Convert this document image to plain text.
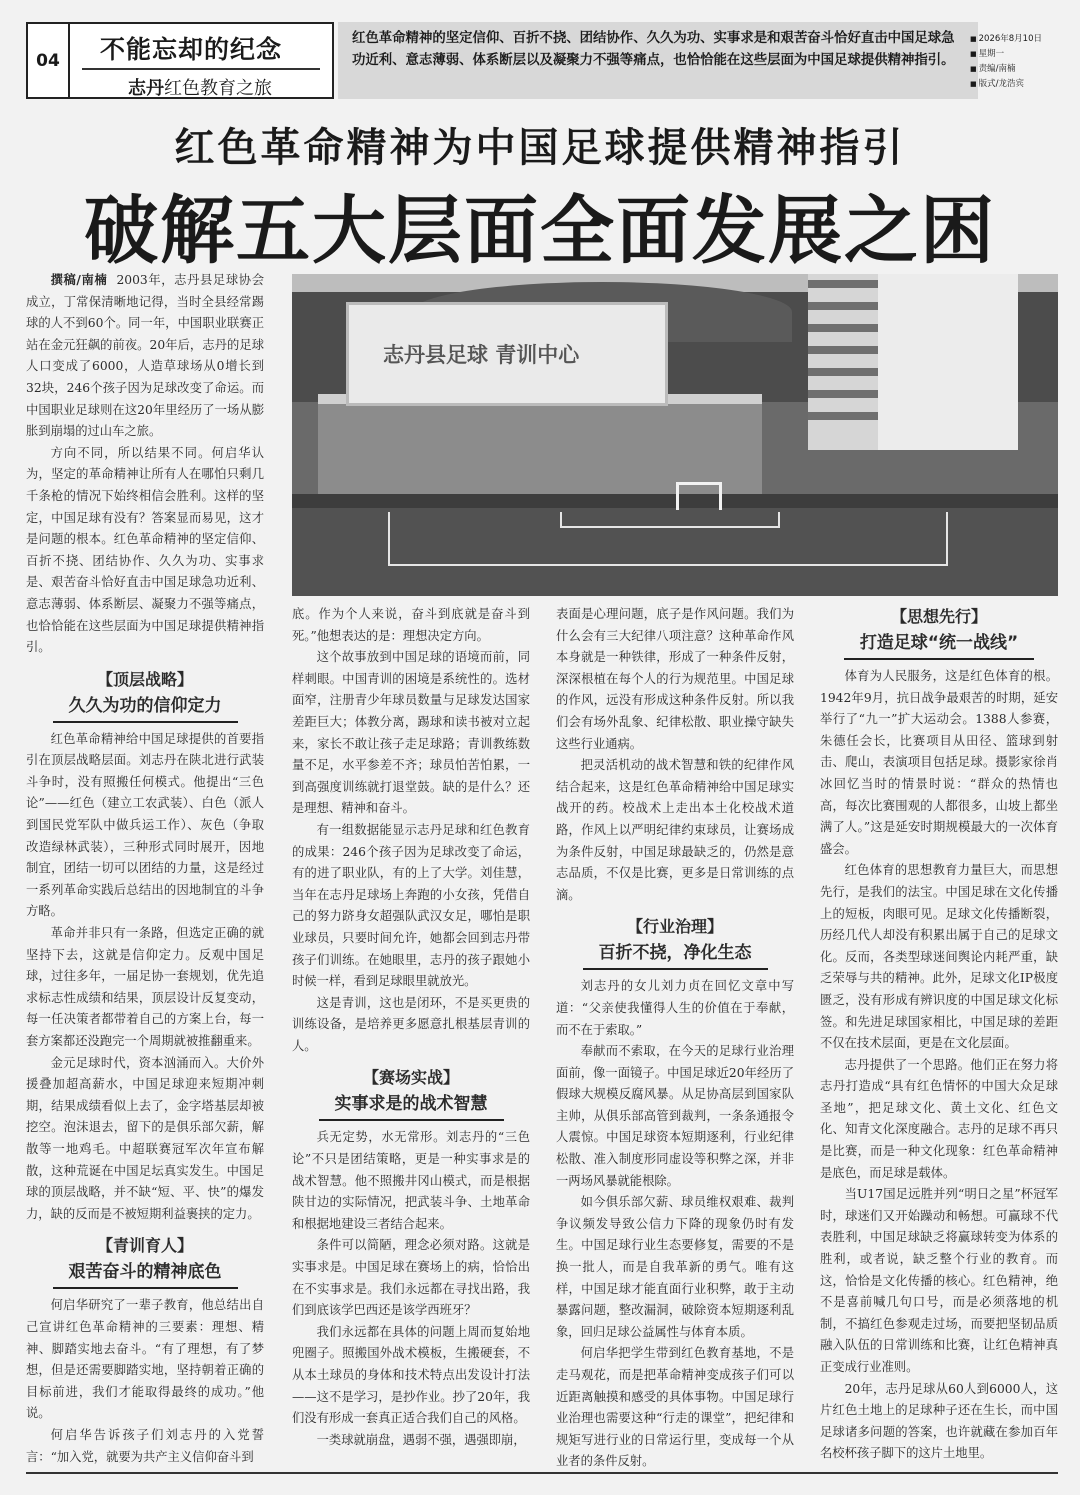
04	不能忘却的纪念
志丹红色教育之旅
红色革命精神的坚定信仰、百折不挠、团结协作、久久为功、实事求是和艰苦奋斗恰好直击中国足球急功近利、意志薄弱、体系断层以及凝聚力不强等痛点，也恰恰能在这些层面为中国足球提供精神指引。
■ 2026年8月10日
■ 星期一
■ 责编/南楠
■ 版式/龙浩宾
红色革命精神为中国足球提供精神指引
破解五大层面全面发展之困
志丹县足球 青训中心

撰稿/南楠 2003年，志丹县足球协会成立，丁常保清晰地记得，当时全县经常踢球的人不到60个。同一年，中国职业联赛正站在金元狂飙的前夜。20年后，志丹的足球人口变成了6000，人造草球场从0增长到32块，246个孩子因为足球改变了命运。而中国职业足球则在这20年里经历了一场从膨胀到崩塌的过山车之旅。

方向不同，所以结果不同。何启华认为，坚定的革命精神让所有人在哪怕只剩几千条枪的情况下始终相信会胜利。这样的坚定，中国足球有没有？答案显而易见，这才是问题的根本。红色革命精神的坚定信仰、百折不挠、团结协作、久久为功、实事求是、艰苦奋斗恰好直击中国足球急功近利、意志薄弱、体系断层、凝聚力不强等痛点，也恰恰能在这些层面为中国足球提供精神指引。

【顶层战略】
久久为功的信仰定力

红色革命精神给中国足球提供的首要指引在顶层战略层面。刘志丹在陕北进行武装斗争时，没有照搬任何模式。他提出“三色论”——红色（建立工农武装）、白色（派人到国民党军队中做兵运工作）、灰色（争取改造绿林武装），三种形式同时展开，因地制宜，团结一切可以团结的力量，这是经过一系列革命实践后总结出的因地制宜的斗争方略。

革命并非只有一条路，但选定正确的就坚持下去，这就是信仰定力。反观中国足球，过往多年，一届足协一套规划，优先追求标志性成绩和结果，顶层设计反复变动，每一任决策者都带着自己的方案上台，每一套方案都还没跑完一个周期就被推翻重来。

金元足球时代，资本汹涌而入。大价外援叠加超高薪水，中国足球迎来短期冲刺期，结果成绩看似上去了，金字塔基层却被挖空。泡沫退去，留下的是俱乐部欠薪，解散等一地鸡毛。中超联赛冠军次年宣布解散，这种荒诞在中国足坛真实发生。中国足球的顶层战略，并不缺“短、平、快”的爆发力，缺的反而是不被短期利益裹挟的定力。

【青训育人】
艰苦奋斗的精神底色

何启华研究了一辈子教育，他总结出自己宣讲红色革命精神的三要素：理想、精神、脚踏实地去奋斗。“有了理想，有了梦想，但是还需要脚踏实地，坚持朝着正确的目标前进，我们才能取得最终的成功。”他说。

何启华告诉孩子们刘志丹的入党誓言：“加入党，就要为共产主义信仰奋斗到

底。作为个人来说，奋斗到底就是奋斗到死。”他想表达的是：理想决定方向。

这个故事放到中国足球的语境而前，同样刺眼。中国青训的困境是系统性的。选材面窄，注册青少年球员数量与足球发达国家差距巨大；体教分离，踢球和读书被对立起来，家长不敢让孩子走足球路；青训教练数量不足，水平参差不齐；球员怕苦怕累，一到高强度训练就打退堂鼓。缺的是什么？还是理想、精神和奋斗。

有一组数据能显示志丹足球和红色教育的成果：246个孩子因为足球改变了命运，有的进了职业队，有的上了大学。刘佳慧，当年在志丹足球场上奔跑的小女孩，凭借自己的努力跻身女超强队武汉女足，哪怕是职业球员，只要时间允许，她都会回到志丹带孩子们训练。在她眼里，志丹的孩子跟她小时候一样，看到足球眼里就放光。

这是青训，这也是闭环，不是买更贵的训练设备，是培养更多愿意扎根基层青训的人。

【赛场实战】
实事求是的战术智慧

兵无定势，水无常形。刘志丹的“三色论”不只是团结策略，更是一种实事求是的战术智慧。他不照搬井冈山模式，而是根据陕甘边的实际情况，把武装斗争、土地革命和根据地建设三者结合起来。

条件可以简陋，理念必须对路。这就是实事求是。中国足球在赛场上的病，恰恰出在不实事求是。我们永远都在寻找出路，我们到底该学巴西还是该学西班牙？

我们永远都在具体的问题上周而复始地兜圈子。照搬国外战术模板，生搬硬套，不从本土球员的身体和技术特点出发设计打法——这不是学习，是抄作业。抄了20年，我们没有形成一套真正适合我们自己的风格。

一类球就崩盘，遇弱不强，遇强即崩，

表面是心理问题，底子是作风问题。我们为什么会有三大纪律八项注意？这种革命作风本身就是一种铁律，形成了一种条件反射，深深根植在每个人的行为规范里。中国足球的作风，远没有形成这种条件反射。所以我们会有场外乱象、纪律松散、职业操守缺失这些行业通病。

把灵活机动的战术智慧和铁的纪律作风结合起来，这是红色革命精神给中国足球实战开的药。校战术上走出本土化校战术道路，作风上以严明纪律约束球员，让赛场成为条件反射，中国足球最缺乏的，仍然是意志品质，不仅是比赛，更多是日常训练的点滴。

【行业治理】
百折不挠，净化生态

刘志丹的女儿刘力贞在回忆文章中写道：“父亲使我懂得人生的价值在于奉献，而不在于索取。”

奉献而不索取，在今天的足球行业治理面前，像一面镜子。中国足球近20年经历了假球大规模反腐风暴。从足协高层到国家队主帅，从俱乐部高管到裁判，一条条通报令人震惊。中国足球资本短期逐利，行业纪律松散、准入制度形同虚设等积弊之深，并非一两场风暴就能根除。

如今俱乐部欠薪、球员维权艰难、裁判争议频发导致公信力下降的现象仍时有发生。中国足球行业生态要修复，需要的不是换一批人，而是自我革新的勇气。唯有这样，中国足球才能直面行业积弊，敢于主动暴露问题，整改漏洞，破除资本短期逐利乱象，回归足球公益属性与体育本质。

何启华把学生带到红色教育基地，不是走马观花，而是把革命精神变成孩子们可以近距离触摸和感受的具体事物。中国足球行业治理也需要这种“行走的课堂”，把纪律和规矩写进行业的日常运行里，变成每一个从业者的条件反射。

【思想先行】
打造足球“统一战线”

体育为人民服务，这是红色体育的根。1942年9月，抗日战争最艰苦的时期，延安举行了“九一”扩大运动会。1388人参赛，朱德任会长，比赛项目从田径、篮球到射击、爬山，表演项目包括足球。摄影家徐肖冰回忆当时的情景时说：“群众的热情也高，每次比赛围观的人都很多，山坡上都坐满了人。”这是延安时期规模最大的一次体育盛会。

红色体育的思想教育力量巨大，而思想先行，是我们的法宝。中国足球在文化传播上的短板，肉眼可见。足球文化传播断裂，历经几代人却没有积累出属于自己的足球文化。反而，各类型球迷间舆论内耗严重，缺乏荣辱与共的精神。此外，足球文化IP极度匮乏，没有形成有辨识度的中国足球文化标签。和先进足球国家相比，中国足球的差距不仅在技术层面，更是在文化层面。

志丹提供了一个思路。他们正在努力将志丹打造成“具有红色情怀的中国大众足球圣地”，把足球文化、黄土文化、红色文化、知青文化深度融合。志丹的足球不再只是比赛，而是一种文化现象：红色革命精神是底色，而足球是载体。

当U17国足远胜并列“明日之星”杯冠军时，球迷们又开始躁动和畅想。可赢球不代表胜利，中国足球缺乏将赢球转变为体系的胜利，或者说，缺乏整个行业的教育。而这，恰恰是文化传播的核心。红色精神，绝不是喜前喊几句口号，而是必须落地的机制，不搞红色参观走过场，而要把坚韧品质融入队伍的日常训练和比赛，让红色精神真正变成行业准则。

20年，志丹足球从60人到6000人，这片红色土地上的足球种子还在生长，而中国足球诸多问题的答案，也许就藏在参加百年名校杯孩子脚下的这片土地里。
